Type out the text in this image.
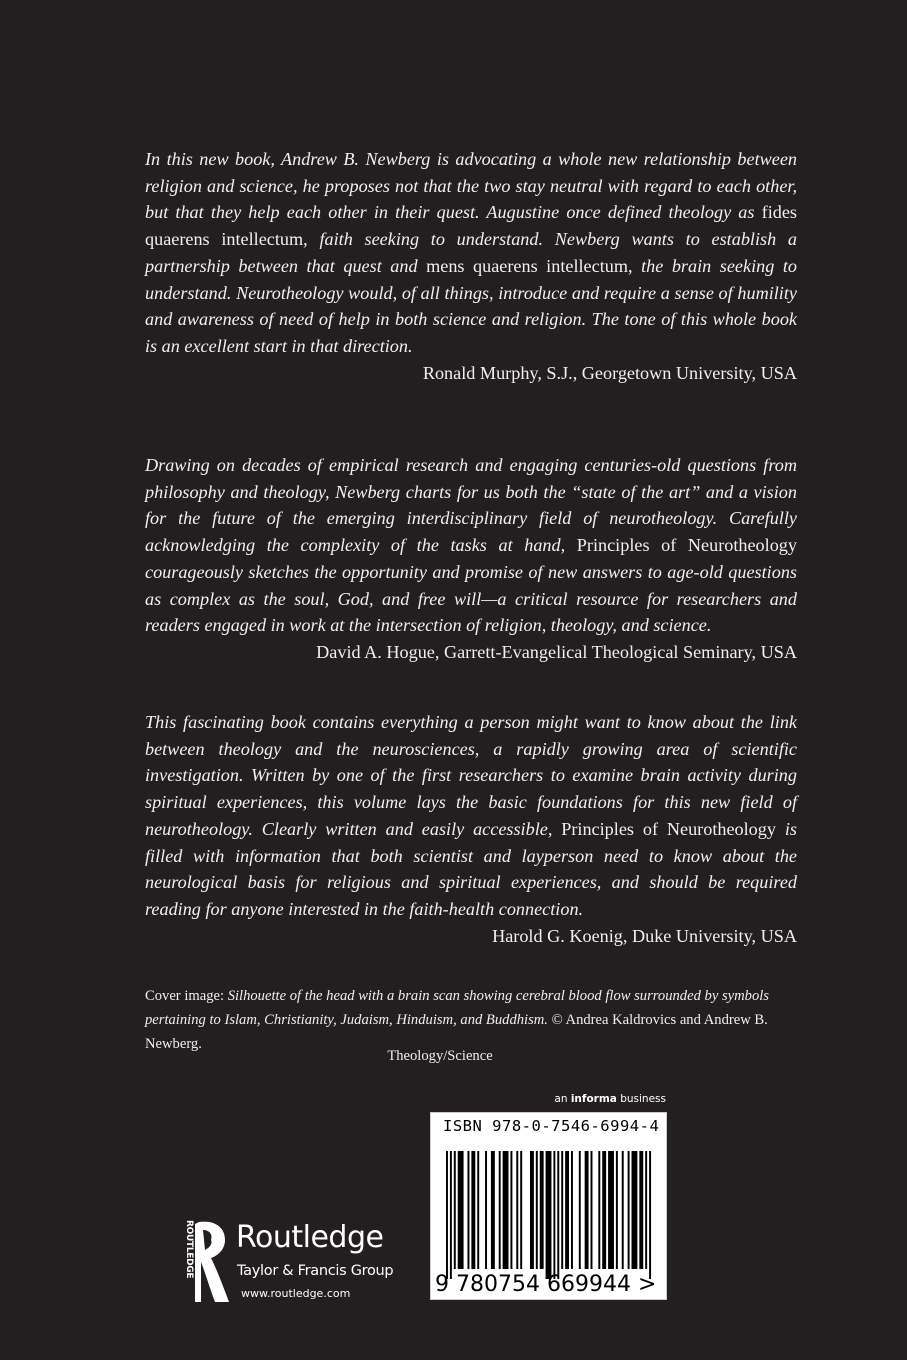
In this new book, Andrew B. Newberg is advocating a whole new relationship between religion and science, he proposes not that the two stay neutral with regard to each other, but that they help each other in their quest. Augustine once defined theology as fides quaerens intellectum, faith seeking to understand. Newberg wants to establish a partnership between that quest and mens quaerens intellectum, the brain seeking to understand. Neurotheology would, of all things, introduce and require a sense of humility and awareness of need of help in both science and religion. The tone of this whole book is an excellent start in that direction.

Ronald Murphy, S.J., Georgetown University, USA

Drawing on decades of empirical research and engaging centuries-old questions from philosophy and theology, Newberg charts for us both the “state of the art” and a vision for the future of the emerging interdisciplinary field of neurotheology. Carefully acknowledging the complexity of the tasks at hand, Principles of Neurotheology courageously sketches the opportunity and promise of new answers to age-old questions as complex as the soul, God, and free will—a critical resource for researchers and readers engaged in work at the intersection of religion, theology, and science.

David A. Hogue, Garrett-Evangelical Theological Seminary, USA

This fascinating book contains everything a person might want to know about the link between theology and the neurosciences, a rapidly growing area of scientific investigation. Written by one of the first researchers to examine brain activity during spiritual experiences, this volume lays the basic foundations for this new field of neurotheology. Clearly written and easily accessible, Principles of Neurotheology is filled with information that both scientist and layperson need to know about the neurological basis for religious and spiritual experiences, and should be required reading for anyone interested in the faith-health connection.

Harold G. Koenig, Duke University, USA
Cover image: Silhouette of the head with a brain scan showing cerebral blood flow surrounded by symbols pertaining to Islam, Christianity, Judaism, Hinduism, and Buddhism. © Andrea Kaldrovics and Andrew B. Newberg.
Theology/Science
an informa business
ISBN 978-0-7546-6994-4
9 780754 669944 >
ROUTLEDGE Routledge
Taylor & Francis Group
www.routledge.com
